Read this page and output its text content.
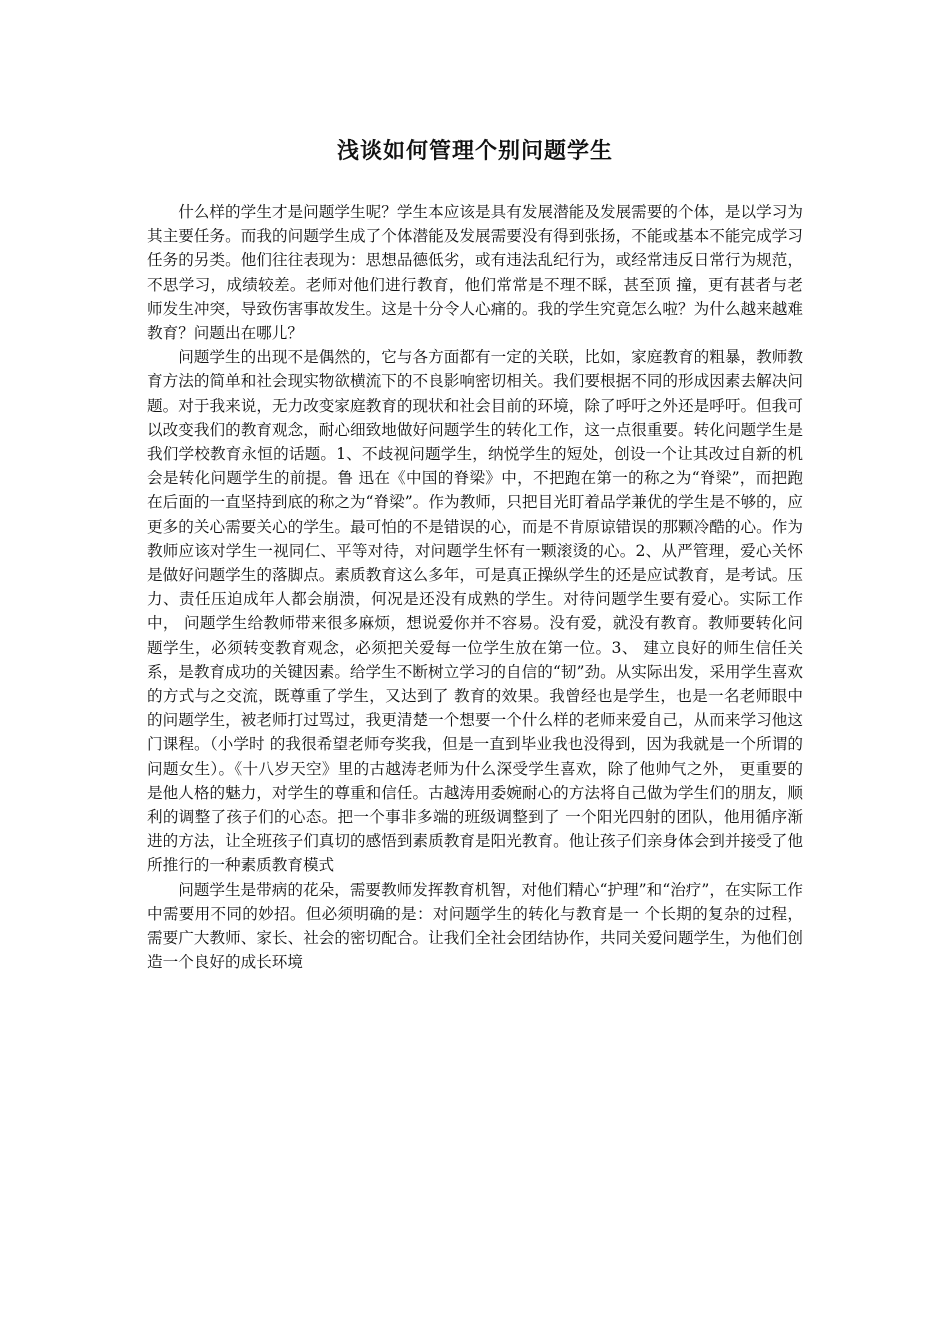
浅谈如何管理个别问题学生

什么样的学生才是问题学生呢？学生本应该是具有发展潜能及发展需要的个体，是以学习为其主要任务。而我的问题学生成了个体潜能及发展需要没有得到张扬，不能或基本不能完成学习任务的另类。他们往往表现为：思想品德低劣，或有违法乱纪行为，或经常违反日常行为规范，不思学习，成绩较差。老师对他们进行教育，他们常常是不理不睬，甚至顶 撞，更有甚者与老师发生冲突，导致伤害事故发生。这是十分令人心痛的。我的学生究竟怎么啦？为什么越来越难教育？问题出在哪儿？

问题学生的出现不是偶然的，它与各方面都有一定的关联，比如，家庭教育的粗暴，教师教育方法的简单和社会现实物欲横流下的不良影响密切相关。我们要根据不同的形成因素去解决问题。对于我来说，无力改变家庭教育的现状和社会目前的环境，除了呼吁之外还是呼吁。但我可以改变我们的教育观念，耐心细致地做好问题学生的转化工作，这一点很重要。转化问题学生是我们学校教育永恒的话题。1、不歧视问题学生，纳悦学生的短处，创设一个让其改过自新的机会是转化问题学生的前提。鲁 迅在《中国的脊梁》中，不把跑在第一的称之为“脊梁”，而把跑在后面的一直坚持到底的称之为“脊梁”。作为教师，只把目光盯着品学兼优的学生是不够的，应 更多的关心需要关心的学生。最可怕的不是错误的心，而是不肯原谅错误的那颗冷酷的心。作为教师应该对学生一视同仁、平等对待，对问题学生怀有一颗滚烫的心。2、从严管理，爱心关怀是做好问题学生的落脚点。素质教育这么多年，可是真正操纵学生的还是应试教育，是考试。压力、责任压迫成年人都会崩溃，何况是还没有成熟的学生。对待问题学生要有爱心。实际工作中， 问题学生给教师带来很多麻烦，想说爱你并不容易。没有爱，就没有教育。教师要转化问题学生，必须转变教育观念，必须把关爱每一位学生放在第一位。3、 建立良好的师生信任关系，是教育成功的关键因素。给学生不断树立学习的自信的“韧”劲。从实际出发，采用学生喜欢的方式与之交流，既尊重了学生，又达到了 教育的效果。我曾经也是学生，也是一名老师眼中的问题学生，被老师打过骂过，我更清楚一个想要一个什么样的老师来爱自己，从而来学习他这门课程。（小学时 的我很希望老师夸奖我，但是一直到毕业我也没得到，因为我就是一个所谓的问题女生）。《十八岁天空》里的古越涛老师为什么深受学生喜欢，除了他帅气之外， 更重要的是他人格的魅力，对学生的尊重和信任。古越涛用委婉耐心的方法将自己做为学生们的朋友，顺利的调整了孩子们的心态。把一个事非多端的班级调整到了 一个阳光四射的团队，他用循序渐进的方法，让全班孩子们真切的感悟到素质教育是阳光教育。他让孩子们亲身体会到并接受了他所推行的一种素质教育模式

问题学生是带病的花朵，需要教师发挥教育机智，对他们精心“护理”和“治疗”，在实际工作中需要用不同的妙招。但必须明确的是：对问题学生的转化与教育是一 个长期的复杂的过程，需要广大教师、家长、社会的密切配合。让我们全社会团结协作，共同关爱问题学生，为他们创造一个良好的成长环境
